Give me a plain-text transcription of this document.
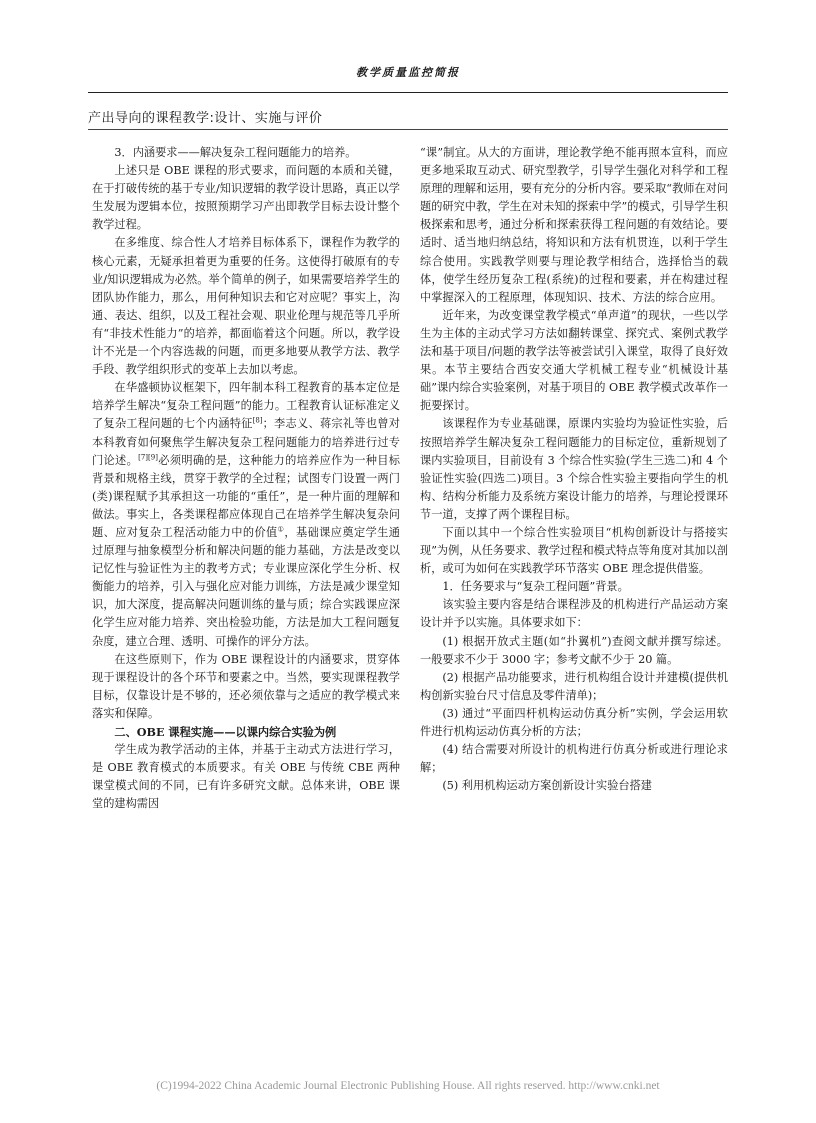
教学质量监控简报
产出导向的课程教学:设计、实施与评价

3．内涵要求——解决复杂工程问题能力的培养。

上述只是 OBE 课程的形式要求，而问题的本质和关键，在于打破传统的基于专业/知识逻辑的教学设计思路，真正以学生发展为逻辑本位，按照预期学习产出即教学目标去设计整个教学过程。

在多维度、综合性人才培养目标体系下，课程作为教学的核心元素，无疑承担着更为重要的任务。这使得打破原有的专业/知识逻辑成为必然。举个简单的例子，如果需要培养学生的团队协作能力，那么，用何种知识去和它对应呢？事实上，沟通、表达、组织，以及工程社会观、职业伦理与规范等几乎所有“非技术性能力”的培养，都面临着这个问题。所以，教学设计不光是一个内容选裁的问题，而更多地要从教学方法、教学手段、教学组织形式的变革上去加以考虑。

在华盛顿协议框架下，四年制本科工程教育的基本定位是培养学生解决“复杂工程问题”的能力。工程教育认证标准定义了复杂工程问题的七个内涵特征[8]；李志义、蒋宗礼等也曾对本科教育如何聚焦学生解决复杂工程问题能力的培养进行过专门论述。[7][9]必须明确的是，这种能力的培养应作为一种目标背景和规格主线，贯穿于教学的全过程；试图专门设置一两门(类)课程赋予其承担这一功能的“重任”，是一种片面的理解和做法。事实上，各类课程都应体现自己在培养学生解决复杂问题、应对复杂工程活动能力中的价值①，基础课应奠定学生通过原理与抽象模型分析和解决问题的能力基础，方法是改变以记忆性与验证性为主的教考方式；专业课应深化学生分析、权衡能力的培养，引入与强化应对能力训练，方法是减少课堂知识，加大深度，提高解决问题训练的量与质；综合实践课应深化学生应对能力培养、突出检验功能，方法是加大工程问题复杂度，建立合理、透明、可操作的评分方法。

在这些原则下，作为 OBE 课程设计的内涵要求，贯穿体现于课程设计的各个环节和要素之中。当然，要实现课程教学目标，仅靠设计是不够的，还必须依靠与之适应的教学模式来落实和保障。

二、OBE 课程实施——以课内综合实验为例

学生成为教学活动的主体，并基于主动式方法进行学习，是 OBE 教育模式的本质要求。有关 OBE 与传统 CBE 两种课堂模式间的不同，已有许多研究文献。总体来讲，OBE 课堂的建构需因

“课”制宜。从大的方面讲，理论教学绝不能再照本宣科，而应更多地采取互动式、研究型教学，引导学生强化对科学和工程原理的理解和运用，要有充分的分析内容。要采取“教师在对问题的研究中教，学生在对未知的探索中学”的模式，引导学生积极探索和思考，通过分析和探索获得工程问题的有效结论。要适时、适当地归纳总结，将知识和方法有机贯连，以利于学生综合使用。实践教学则要与理论教学相结合，选择恰当的载体，使学生经历复杂工程(系统)的过程和要素，并在构建过程中掌握深入的工程原理，体现知识、技术、方法的综合应用。

近年来，为改变课堂教学模式“单声道”的现状，一些以学生为主体的主动式学习方法如翻转课堂、探究式、案例式教学法和基于项目/问题的教学法等被尝试引入课堂，取得了良好效果。本节主要结合西安交通大学机械工程专业“机械设计基础”课内综合实验案例，对基于项目的 OBE 教学模式改革作一扼要探讨。

该课程作为专业基础课，原课内实验均为验证性实验，后按照培养学生解决复杂工程问题能力的目标定位，重新规划了课内实验项目，目前设有 3 个综合性实验(学生三选二)和 4 个验证性实验(四选二)项目。3 个综合性实验主要指向学生的机构、结构分析能力及系统方案设计能力的培养，与理论授课环节一道，支撑了两个课程目标。

下面以其中一个综合性实验项目“机构创新设计与搭接实现”为例，从任务要求、教学过程和模式特点等角度对其加以剖析，或可为如何在实践教学环节落实 OBE 理念提供借鉴。

1．任务要求与“复杂工程问题”背景。

该实验主要内容是结合课程涉及的机构进行产品运动方案设计并予以实施。具体要求如下：

(1) 根据开放式主题(如“扑翼机”)查阅文献并撰写综述。一般要求不少于 3000 字；参考文献不少于 20 篇。

(2) 根据产品功能要求，进行机构组合设计并建模(提供机构创新实验台尺寸信息及零件清单)；

(3) 通过“平面四杆机构运动仿真分析”实例，学会运用软件进行机构运动仿真分析的方法；

(4) 结合需要对所设计的机构进行仿真分析或进行理论求解；

(5) 利用机构运动方案创新设计实验台搭建

(C)1994-2022 China Academic Journal Electronic Publishing House. All rights reserved. http://www.cnki.net
